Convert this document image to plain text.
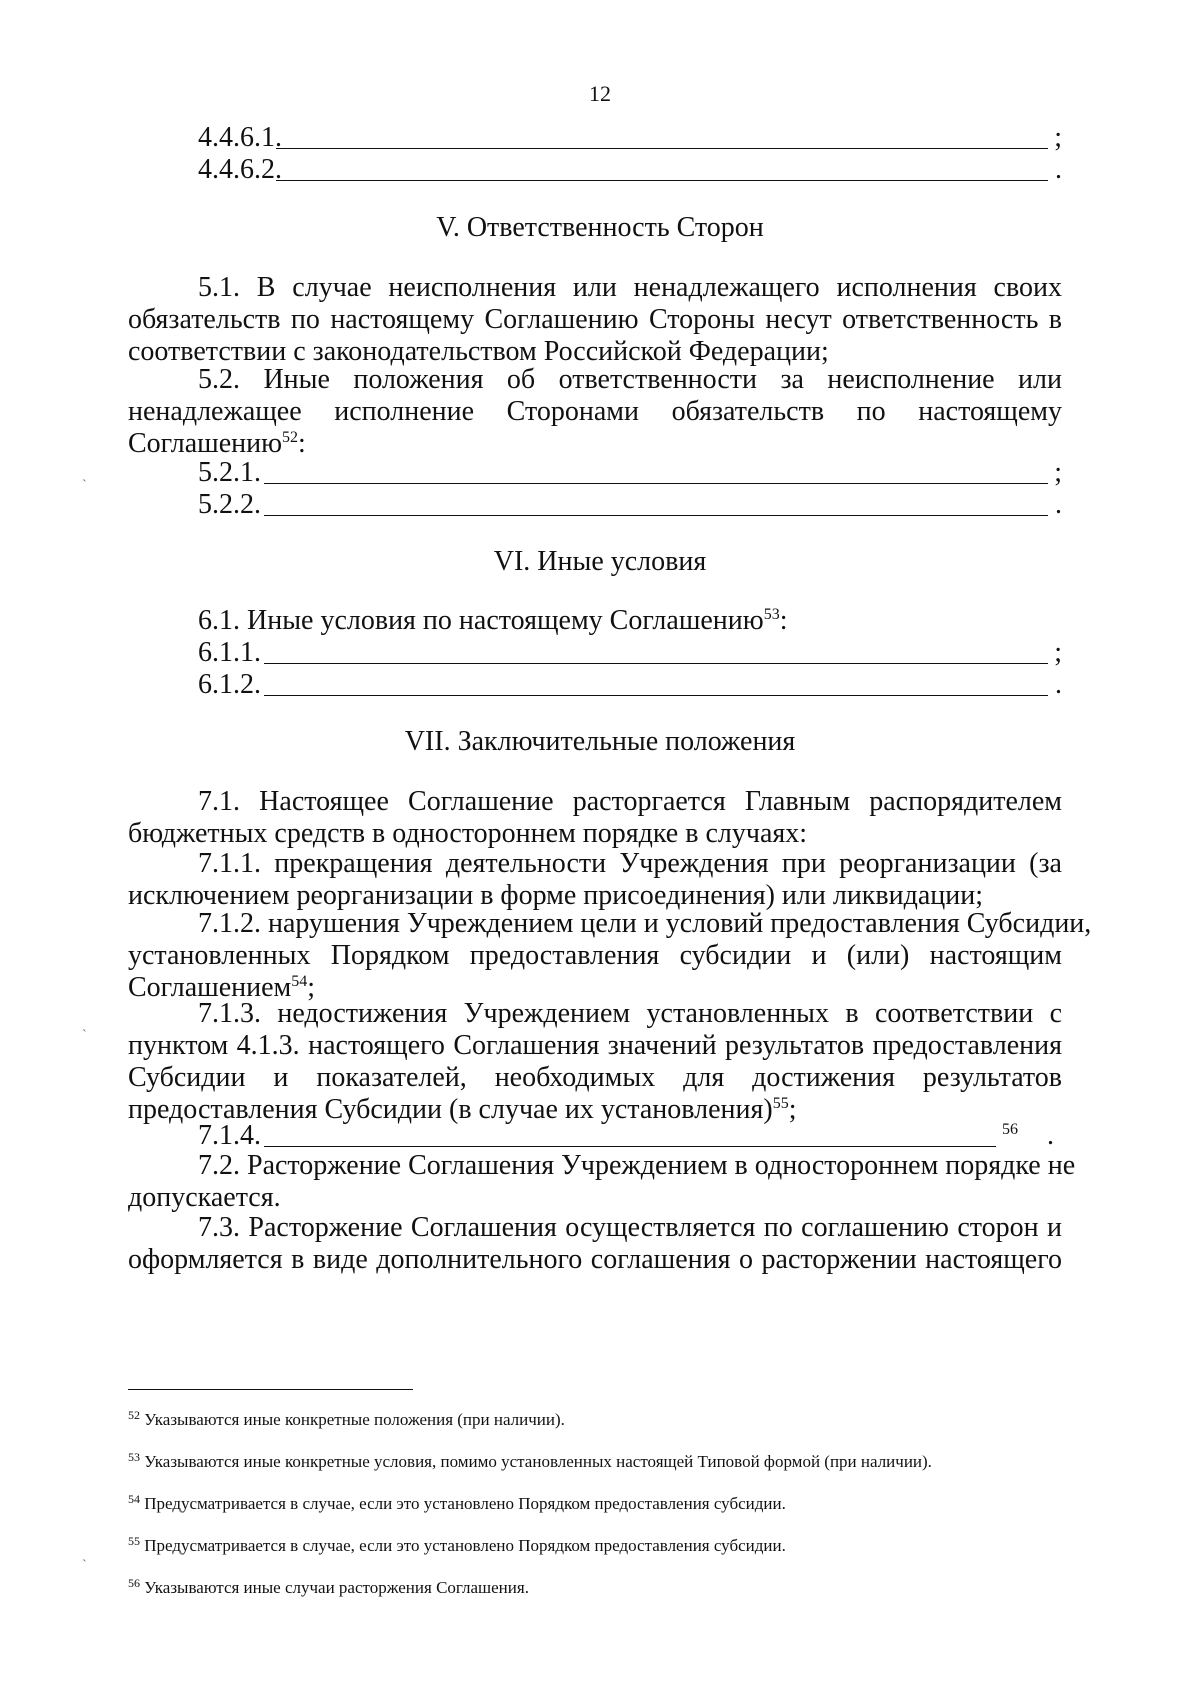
12
4.4.6.1.	;
4.4.6.2.	.
V. Ответственность Сторон
5.1. В случае неисполнения или ненадлежащего исполнения своих
обязательств по настоящему Соглашению Стороны несут ответственность в
соответствии с законодательством Российской Федерации;
5.2. Иные положения об ответственности за неисполнение или
ненадлежащее исполнение Сторонами обязательств по настоящему
Соглашению$^{52}$:
5.2.1.	;
5.2.2.	.
VI. Иные условия
6.1. Иные условия по настоящему Соглашению$^{53}$:
6.1.1.	;
6.1.2.	.
VII. Заключительные положения
7.1. Настоящее Соглашение расторгается Главным распорядителем
бюджетных средств в одностороннем порядке в случаях:
7.1.1. прекращения деятельности Учреждения при реорганизации (за
исключением реорганизации в форме присоединения) или ликвидации;
7.1.2. нарушения Учреждением цели и условий предоставления Субсидии,
установленных Порядком предоставления субсидии и (или) настоящим
Соглашением$^{54}$;
7.1.3. недостижения Учреждением установленных в соответствии с
пунктом 4.1.3. настоящего Соглашения значений результатов предоставления
Субсидии и показателей, необходимых для достижения результатов
предоставления Субсидии (в случае их установления)$^{55}$;
7.1.4.	$^{56}$ .
7.2. Расторжение Соглашения Учреждением в одностороннем порядке не
допускается.
7.3. Расторжение Соглашения осуществляется по соглашению сторон и
оформляется в виде дополнительного соглашения о расторжении настоящего
$^{52}$ Указываются иные конкретные положения (при наличии).
$^{53}$ Указываются иные конкретные условия, помимо установленных настоящей Типовой формой (при наличии).
$^{54}$ Предусматривается в случае, если это установлено Порядком предоставления субсидии.
$^{55}$ Предусматривается в случае, если это установлено Порядком предоставления субсидии.
$^{56}$ Указываются иные случаи расторжения Соглашения.
ˋ
ˋ
ˋ
